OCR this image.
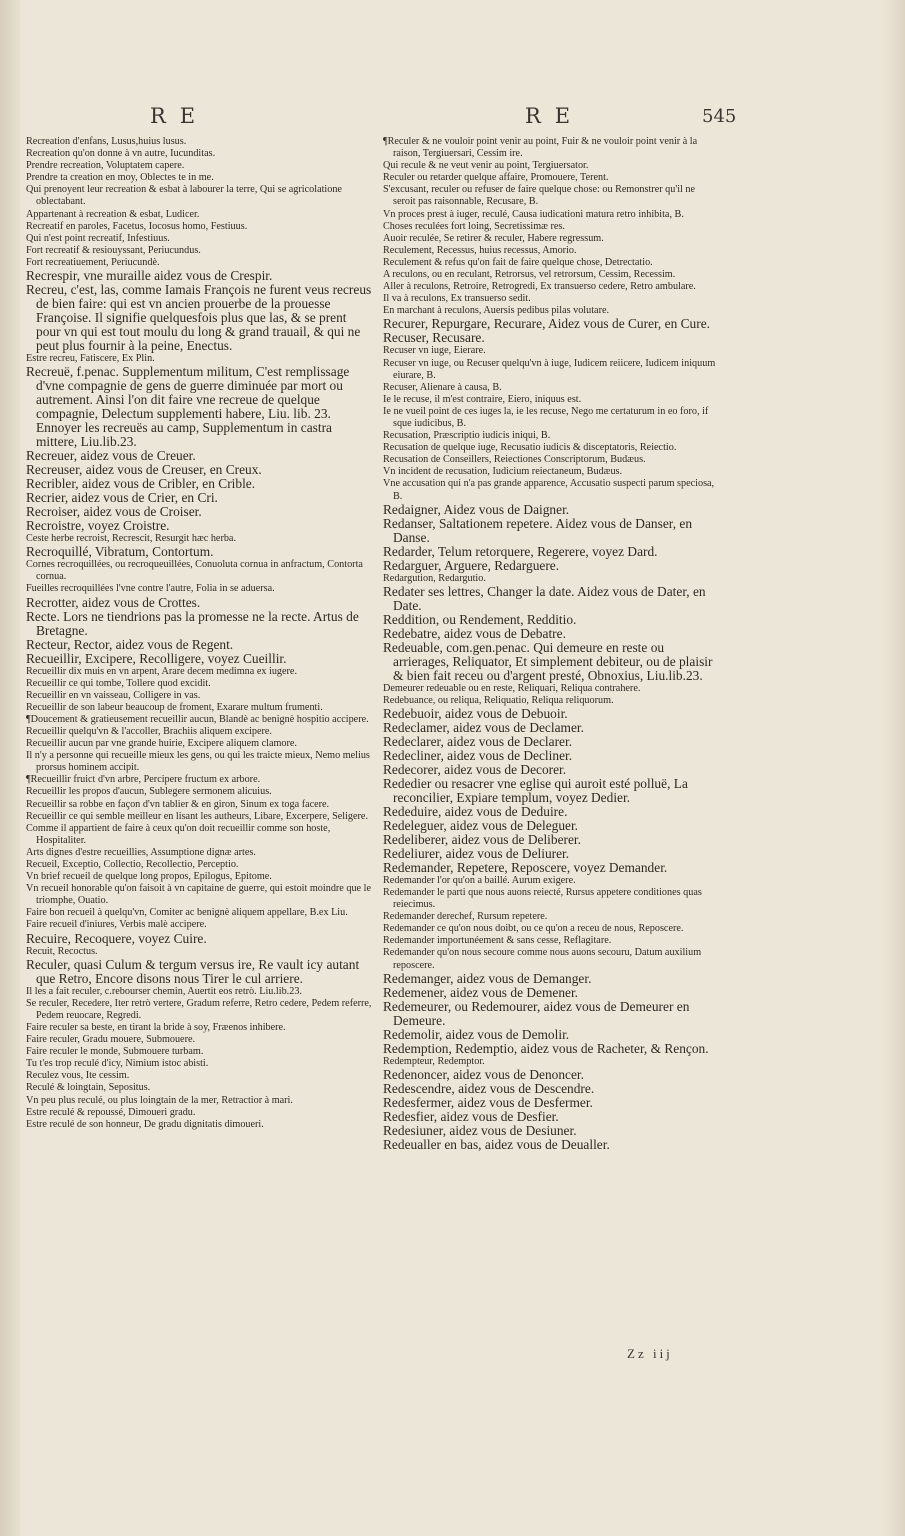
RE	RE	545

Recreation d'enfans, Lusus,huius lusus.

Recreation qu'on donne à vn autre, Iucunditas.

Prendre recreation, Voluptatem capere.

Prendre ta creation en moy, Oblectes te in me.

Qui prenoyent leur recreation & esbat à labourer la terre, Qui se agricolatione oblectabant.

Appartenant à recreation & esbat, Ludicer.

Recreatif en paroles, Facetus, Iocosus homo, Festiuus.

Qui n'est point recreatif, Infestiuus.

Fort recreatif & resiouyssant, Periucundus.

Fort recreatiuement, Periucundè.

Recrespir, vne muraille aidez vous de Crespir.

Recreu, c'est, las, comme Iamais François ne furent veus recreus de bien faire: qui est vn ancien prouerbe de la prouesse Françoise. Il signifie quelquesfois plus que las, & se prent pour vn qui est tout moulu du long & grand trauail, & qui ne peut plus fournir à la peine, Enectus.

Estre recreu, Fatiscere, Ex Plin.

Recreuë, f.penac. Supplementum militum, C'est remplissage d'vne compagnie de gens de guerre diminuée par mort ou autrement. Ainsi l'on dit faire vne recreue de quelque compagnie, Delectum supplementi habere, Liu. lib. 23. Ennoyer les recreuës au camp, Supplementum in castra mittere, Liu.lib.23.

Recreuer, aidez vous de Creuer.

Recreuser, aidez vous de Creuser, en Creux.

Recribler, aidez vous de Cribler, en Crible.

Recrier, aidez vous de Crier, en Cri.

Recroiser, aidez vous de Croiser.

Recroistre, voyez Croistre.

Ceste herbe recroist, Recrescit, Resurgit hæc herba.

Recroquillé, Vibratum, Contortum.

Cornes recroquillées, ou recroqueuillées, Conuoluta cornua in anfractum, Contorta cornua.

Fueilles recroquillées l'vne contre l'autre, Folia in se aduersa.

Recrotter, aidez vous de Crottes.

Recte. Lors ne tiendrions pas la promesse ne la recte. Artus de Bretagne.

Recteur, Rector, aidez vous de Regent.

Recueillir, Excipere, Recolligere, voyez Cueillir.

Recueillir dix muis en vn arpent, Arare decem medimna ex iugere.

Recueillir ce qui tombe, Tollere quod excidit.

Recueillir en vn vaisseau, Colligere in vas.

Recueillir de son labeur beaucoup de froment, Exarare multum frumenti.

¶Doucement & gratieusement recueillir aucun, Blandè ac benignè hospitio accipere.

Recueillir quelqu'vn & l'accoller, Brachiis aliquem excipere.

Recueillir aucun par vne grande huirie, Excipere aliquem clamore.

Il n'y a personne qui recueille mieux les gens, ou qui les traicte mieux, Nemo melius prorsus hominem accipit.

¶Recueillir fruict d'vn arbre, Percipere fructum ex arbore.

Recueillir les propos d'aucun, Sublegere sermonem alicuius.

Recueillir sa robbe en façon d'vn tablier & en giron, Sinum ex toga facere.

Recueillir ce qui semble meilleur en lisant les autheurs, Libare, Excerpere, Seligere.

Comme il appartient de faire à ceux qu'on doit recueillir comme son hoste, Hospitaliter.

Arts dignes d'estre recueillies, Assumptione dignæ artes.

Recueil, Exceptio, Collectio, Recollectio, Perceptio.

Vn brief recueil de quelque long propos, Epilogus, Epitome.

Vn recueil honorable qu'on faisoit à vn capitaine de guerre, qui estoit moindre que le triomphe, Ouatio.

Faire bon recueil à quelqu'vn, Comiter ac benignè aliquem appellare, B.ex Liu.

Faire recueil d'iniures, Verbis malè accipere.

Recuire, Recoquere, voyez Cuire.

Recuit, Recoctus.

Reculer, quasi Culum & tergum versus ire, Re vault icy autant que Retro, Encore disons nous Tirer le cul arriere.

Il les a fait reculer, c.rebourser chemin, Auertit eos retrò. Liu.lib.23.

Se reculer, Recedere, Iter retrò vertere, Gradum referre, Retro cedere, Pedem referre, Pedem reuocare, Regredi.

Faire reculer sa beste, en tirant la bride à soy, Fræenos inhibere.

Faire reculer, Gradu mouere, Submouere.

Faire reculer le monde, Submouere turbam.

Tu t'es trop reculé d'icy, Nimium istoc abisti.

Reculez vous, Ite cessim.

Reculé & loingtain, Sepositus.

Vn peu plus reculé, ou plus loingtain de la mer, Retractior à mari.

Estre reculé & repoussé, Dimoueri gradu.

Estre reculé de son honneur, De gradu dignitatis dimoueri.

¶Reculer & ne vouloir point venir au point, Fuir & ne vouloir point venir à la raison, Tergiuersari, Cessim ire.

Qui recule & ne veut venir au point, Tergiuersator.

Reculer ou retarder quelque affaire, Promouere, Terent.

S'excusant, reculer ou refuser de faire quelque chose: ou Remonstrer qu'il ne seroit pas raisonnable, Recusare, B.

Vn proces prest à iuger, reculé, Causa iudicationi matura retro inhibita, B.

Choses reculées fort loing, Secretissimæ res.

Auoir reculée, Se retirer & reculer, Habere regressum.

Reculement, Recessus, huius recessus, Amorio.

Reculement & refus qu'on fait de faire quelque chose, Detrectatio.

A reculons, ou en reculant, Retrorsus, vel retrorsum, Cessim, Recessim.

Aller à reculons, Retroire, Retrogredi, Ex transuerso cedere, Retro ambulare.

Il va à reculons, Ex transuerso sedit.

En marchant à reculons, Auersis pedibus pilas volutare.

Recurer, Repurgare, Recurare, Aidez vous de Curer, en Cure.

Recuser, Recusare.

Recuser vn iuge, Eierare.

Recuser vn iuge, ou Recuser quelqu'vn à iuge, Iudicem reiicere, Iudicem iniquum eiurare, B.

Recuser, Alienare à causa, B.

Ie le recuse, il m'est contraire, Eiero, iniquus est.

Ie ne vueil point de ces iuges la, ie les recuse, Nego me certaturum in eo foro, if sque iudicibus, B.

Recusation, Præscriptio iudicis iniqui, B.

Recusation de quelque iuge, Recusatio iudicis & disceptatoris, Reiectio.

Recusation de Conseillers, Reiectiones Conscriptorum, Budæus.

Vn incident de recusation, Iudicium reiectaneum, Budæus.

Vne accusation qui n'a pas grande apparence, Accusatio suspecti parum speciosa, B.

Redaigner, Aidez vous de Daigner.

Redanser, Saltationem repetere. Aidez vous de Danser, en Danse.

Redarder, Telum retorquere, Regerere, voyez Dard.

Redarguer, Arguere, Redarguere.

Redargution, Redargutio.

Redater ses lettres, Changer la date. Aidez vous de Dater, en Date.

Reddition, ou Rendement, Redditio.

Redebatre, aidez vous de Debatre.

Redeuable, com.gen.penac. Qui demeure en reste ou arrierages, Reliquator, Et simplement debiteur, ou de plaisir & bien fait receu ou d'argent presté, Obnoxius, Liu.lib.23.

Demeurer redeuable ou en reste, Reliquari, Reliqua contrahere.

Redebuance, ou reliqua, Reliquatio, Reliqua reliquorum.

Redebuoir, aidez vous de Debuoir.

Redeclamer, aidez vous de Declamer.

Redeclarer, aidez vous de Declarer.

Redecliner, aidez vous de Decliner.

Redecorer, aidez vous de Decorer.

Rededier ou resacrer vne eglise qui auroit esté polluë, La reconcilier, Expiare templum, voyez Dedier.

Rededuire, aidez vous de Deduire.

Redeleguer, aidez vous de Deleguer.

Redeliberer, aidez vous de Deliberer.

Redeliurer, aidez vous de Deliurer.

Redemander, Repetere, Reposcere, voyez Demander.

Redemander l'or qu'on a baillé. Aurum exigere.

Redemander le parti que nous auons reiecté, Rursus appetere conditiones quas reiecimus.

Redemander derechef, Rursum repetere.

Redemander ce qu'on nous doibt, ou ce qu'on a receu de nous, Reposcere.

Redemander importunéement & sans cesse, Reflagitare.

Redemander qu'on nous secoure comme nous auons secouru, Datum auxilium reposcere.

Redemanger, aidez vous de Demanger.

Redemener, aidez vous de Demener.

Redemeurer, ou Redemourer, aidez vous de Demeurer en Demeure.

Redemolir, aidez vous de Demolir.

Redemption, Redemptio, aidez vous de Racheter, & Rençon.

Redempteur, Redemptor.

Redenoncer, aidez vous de Denoncer.

Redescendre, aidez vous de Descendre.

Redesfermer, aidez vous de Desfermer.

Redesfier, aidez vous de Desfier.

Redesiuner, aidez vous de Desiuner.

Redeualler en bas, aidez vous de Deualler.

Zz iij
